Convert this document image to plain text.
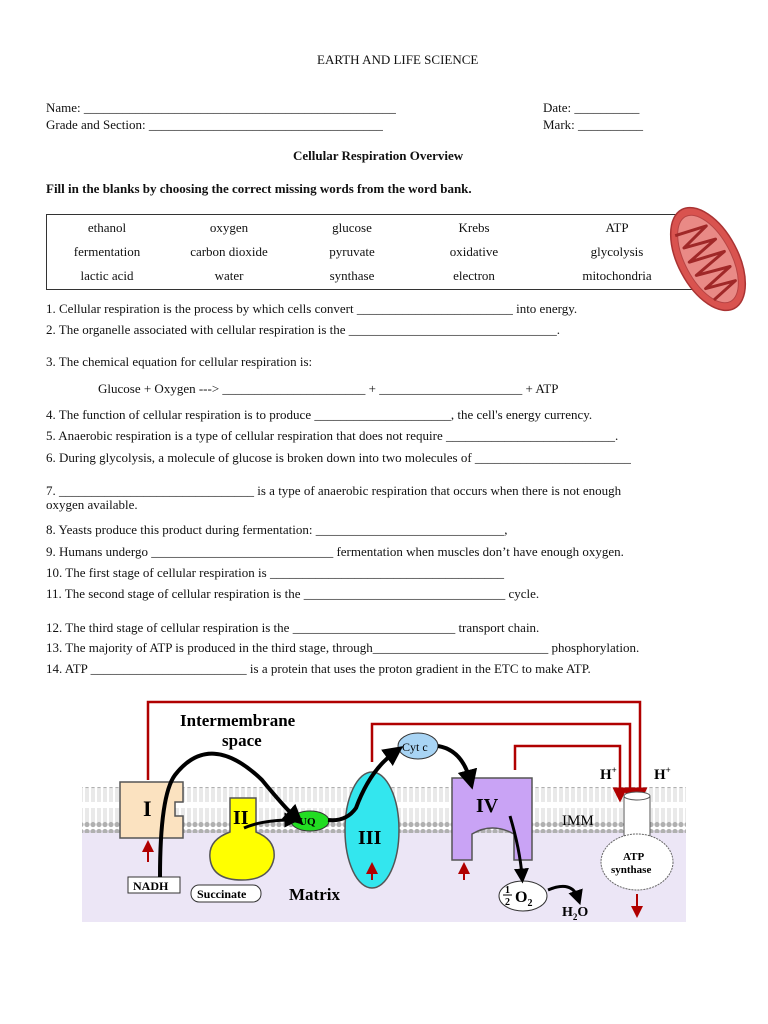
EARTH AND LIFE SCIENCE
Name: ________________________________________________	Date: __________
Grade and Section: ____________________________________	Mark: __________
Cellular Respiration Overview
Fill in the blanks by choosing the correct missing words from the word bank.
ethanol	oxygen	glucose	Krebs	ATP
fermentation	carbon dioxide	pyruvate	oxidative	glycolysis
lactic acid	water	synthase	electron	mitochondria
1. Cellular respiration is the process by which cells convert ________________________ into energy.
2. The organelle associated with cellular respiration is the ________________________________.
3. The chemical equation for cellular respiration is:
Glucose + Oxygen ---> ______________________ + ______________________ + ATP
4. The function of cellular respiration is to produce _____________________, the cell's energy currency.
5. Anaerobic respiration is a type of cellular respiration that does not require __________________________.
6. During glycolysis, a molecule of glucose is broken down into two molecules of ________________________
7. ______________________________ is a type of anaerobic respiration that occurs when there is not enough
oxygen available.
8. Yeasts produce this product during fermentation: _____________________________,
9. Humans undergo ____________________________ fermentation when muscles don’t have enough oxygen.
10. The first stage of cellular respiration is ____________________________________
11. The second stage of cellular respiration is the _______________________________ cycle.
12. The third stage of cellular respiration is the _________________________ transport chain.
13. The majority of ATP is produced in the third stage, through___________________________ phosphorylation.
14. ATP ________________________ is a protein that uses the proton gradient in the ETC to make ATP.
I	II	UQ
III
Cyt c
IV
ATP
synthase
H+ H+
Intermembrane
space
Matrix
IMM
NADH
Succinate	1
2 $O_2$
$H_2O$
